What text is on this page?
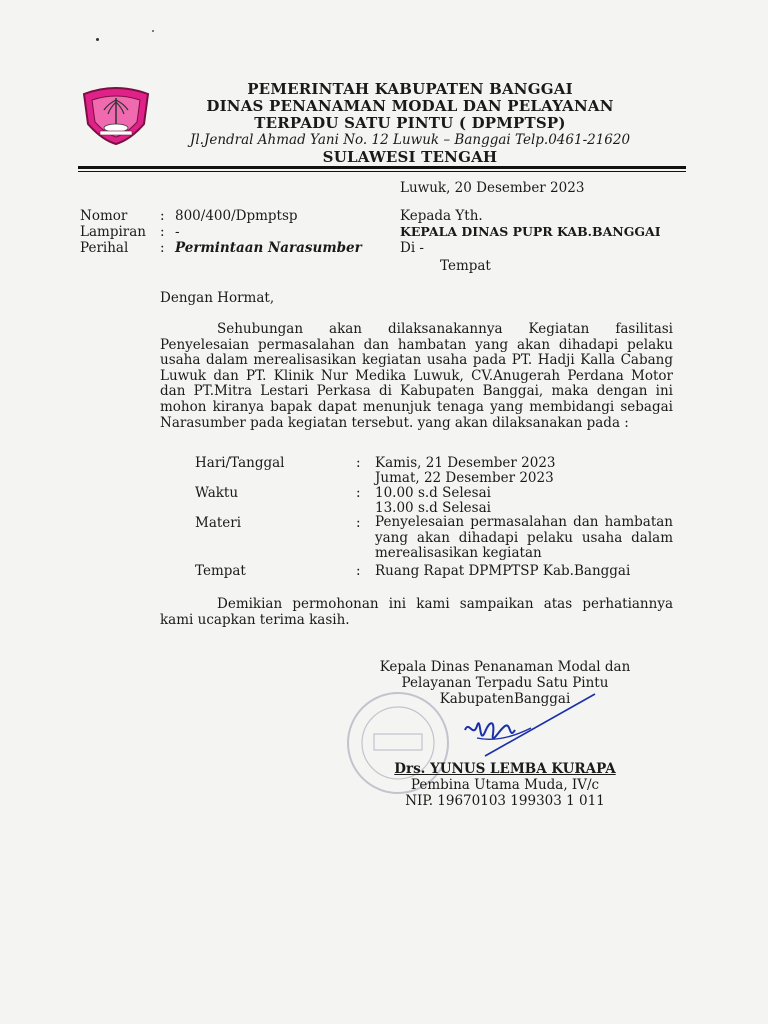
PEMERINTAH KABUPATEN BANGGAI
DINAS PENANAMAN MODAL DAN PELAYANAN
TERPADU SATU PINTU ( DPMPTSP)
Jl.Jendral Ahmad Yani No. 12 Luwuk – Banggai Telp.0461-21620
SULAWESI TENGAH
Luwuk, 20 Desember 2023
Nomor : 800/400/Dpmptsp
Lampiran : -
Perihal : Permintaan Narasumber
Kepada Yth.
KEPALA DINAS PUPR KAB.BANGGAI
Di -
Tempat
Dengan Hormat,
Sehubungan akan dilaksanakannya Kegiatan fasilitasi Penyelesaian permasalahan dan hambatan yang akan dihadapi pelaku usaha dalam merealisasikan kegiatan usaha pada PT. Hadji Kalla Cabang Luwuk dan PT. Klinik Nur Medika Luwuk, CV.Anugerah Perdana Motor dan PT.Mitra Lestari Perkasa di Kabupaten Banggai, maka dengan ini mohon kiranya bapak dapat menunjuk tenaga yang membidangi sebagai Narasumber pada kegiatan tersebut. yang akan dilaksanakan pada :
Hari/Tanggal	: Kamis, 21 Desember 2023
Jumat, 22 Desember 2023
Waktu	: 10.00 s.d Selesai
13.00 s.d Selesai
Materi	: Penyelesaian permasalahan dan hambatan yang akan dihadapi pelaku usaha dalam merealisasikan kegiatan
Tempat	: Ruang Rapat DPMPTSP Kab.Banggai
Demikian permohonan ini kami sampaikan atas perhatiannya kami ucapkan terima kasih.
Kepala Dinas Penanaman Modal dan
Pelayanan Terpadu Satu Pintu
KabupatenBanggai
Drs. YUNUS LEMBA KURAPA
Pembina Utama Muda, IV/c
NIP. 19670103 199303 1 011
